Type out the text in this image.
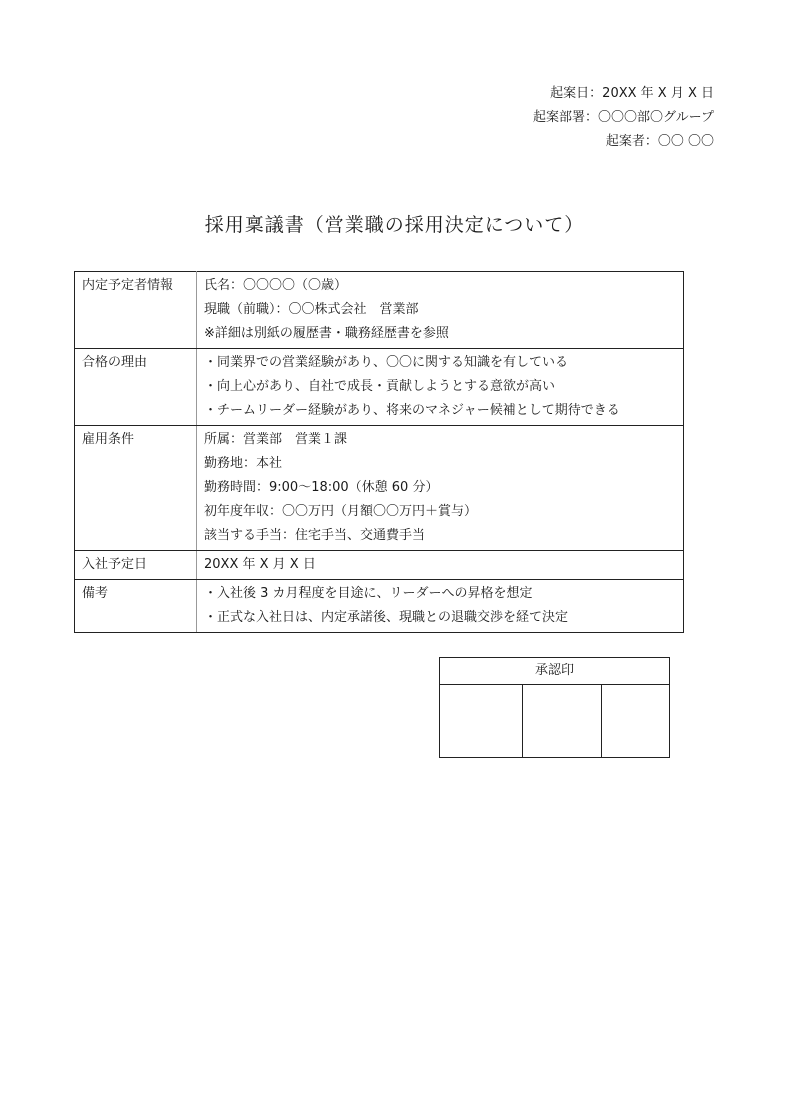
起案日：20XX 年 X 月 X 日
起案部署：〇〇〇部〇グループ
起案者：〇〇 〇〇
採用稟議書（営業職の採用決定について）
内定予定者情報	氏名：〇〇〇〇（〇歳）
現職（前職）：〇〇株式会社　営業部
※詳細は別紙の履歴書・職務経歴書を参照

合格の理由	・同業界での営業経験があり、〇〇に関する知識を有している
・向上心があり、自社で成長・貢献しようとする意欲が高い
・チームリーダー経験があり、将来のマネジャー候補として期待できる

雇用条件	所属：営業部　営業１課
勤務地：本社
勤務時間：9:00〜18:00（休憩 60 分）
初年度年収：〇〇万円（月額〇〇万円＋賞与）
該当する手当：住宅手当、交通費手当

入社予定日	20XX 年 X 月 X 日

備考	・入社後 3 カ月程度を目途に、リーダーへの昇格を想定
・正式な入社日は、内定承諾後、現職との退職交渉を経て決定
承認印
